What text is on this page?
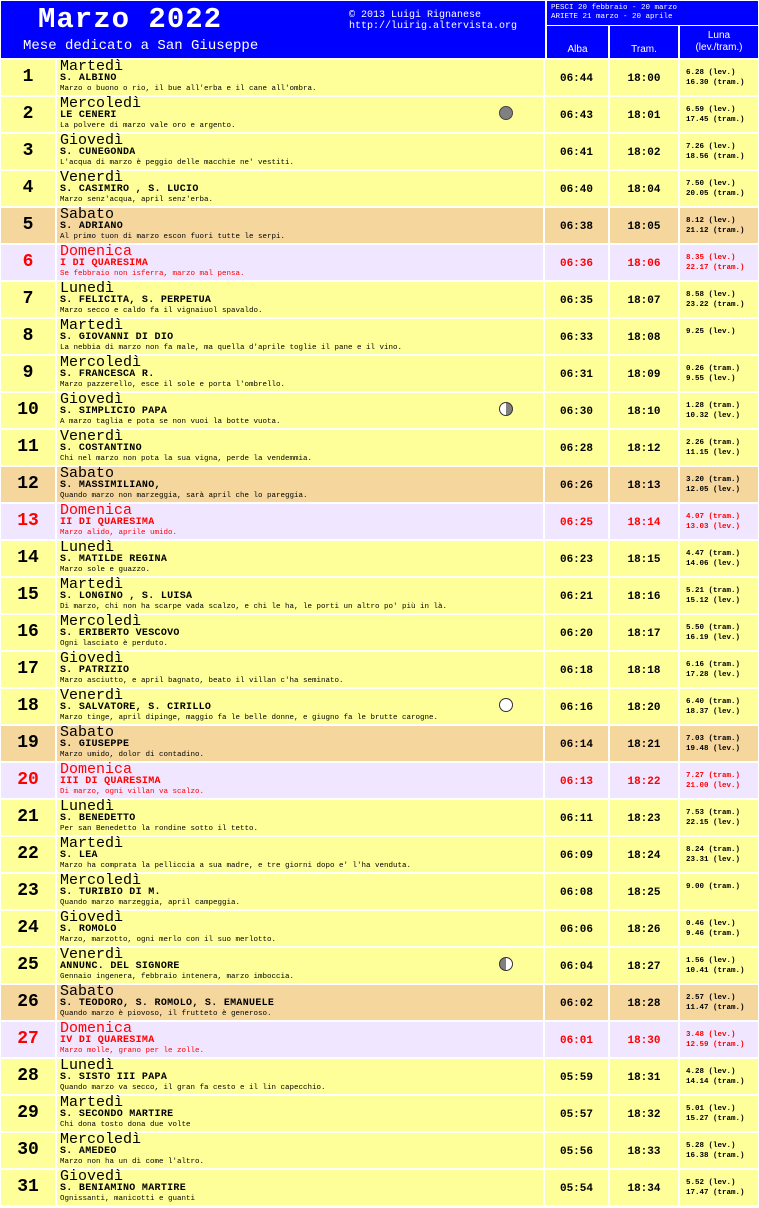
Marzo 2022
Mese dedicato a San Giuseppe
© 2013 Luigi Rignanese
http://luirig.altervista.org
PESCI 20 febbraio - 20 marzo
ARIETE 21 marzo - 20 aprile
Alba	Tram.
Luna
(lev./tram.)
1
Martedì
S. ALBINO
Marzo o buono o rio, il bue all'erba e il cane all'ombra.
06:44	18:00	6.28 (lev.)
16.30 (tram.)
2
Mercoledì
LE CENERI
La polvere di marzo vale oro e argento.
06:43	18:01	6.59 (lev.)
17.45 (tram.)
3
Giovedì
S. CUNEGONDA
L'acqua di marzo è peggio delle macchie ne' vestiti.
06:41	18:02	7.26 (lev.)
18.56 (tram.)
4
Venerdì
S. CASIMIRO , S. LUCIO
Marzo senz'acqua, april senz'erba.
06:40	18:04	7.50 (lev.)
20.05 (tram.)
5
Sabato
S. ADRIANO
Al primo tuon di marzo escon fuori tutte le serpi.
06:38	18:05	8.12 (lev.)
21.12 (tram.)
6
Domenica
I DI QUARESIMA
Se febbraio non isferra, marzo mal pensa.
06:36	18:06	8.35 (lev.)
22.17 (tram.)
7
Lunedì
S. FELICITA, S. PERPETUA
Marzo secco e caldo fa il vignaiuol spavaldo.
06:35	18:07	8.58 (lev.)
23.22 (tram.)
8
Martedì
S. GIOVANNI DI DIO
La nebbia di marzo non fa male, ma quella d'aprile toglie il pane e il vino.
06:33	18:08	9.25 (lev.)
9
Mercoledì
S. FRANCESCA R.
Marzo pazzerello, esce il sole e porta l'ombrello.
06:31	18:09	0.26 (tram.)
9.55 (lev.)
10
Giovedì
S. SIMPLICIO PAPA
A marzo taglia e pota se non vuoi la botte vuota.
06:30	18:10	1.28 (tram.)
10.32 (lev.)
11
Venerdì
S. COSTANTINO
Chi nel marzo non pota la sua vigna, perde la vendemmia.
06:28	18:12	2.26 (tram.)
11.15 (lev.)
12
Sabato
S. MASSIMILIANO,
Quando marzo non marzeggia, sarà april che lo pareggia.
06:26	18:13	3.20 (tram.)
12.05 (lev.)
13
Domenica
II DI QUARESIMA
Marzo alido, aprile umido.
06:25	18:14	4.07 (tram.)
13.03 (lev.)
14
Lunedì
S. MATILDE REGINA
Marzo sole e guazzo.
06:23	18:15	4.47 (tram.)
14.06 (lev.)
15
Martedì
S. LONGINO , S. LUISA
Di marzo, chi non ha scarpe vada scalzo, e chi le ha, le porti un altro po' più in là.
06:21	18:16	5.21 (tram.)
15.12 (lev.)
16
Mercoledì
S. ERIBERTO VESCOVO
Ogni lasciato è perduto.
06:20	18:17	5.50 (tram.)
16.19 (lev.)
17
Giovedì
S. PATRIZIO
Marzo asciutto, e april bagnato, beato il villan c'ha seminato.
06:18	18:18	6.16 (tram.)
17.28 (lev.)
18
Venerdì
S. SALVATORE, S. CIRILLO
Marzo tinge, april dipinge, maggio fa le belle donne, e giugno fa le brutte carogne.
06:16	18:20	6.40 (tram.)
18.37 (lev.)
19
Sabato
S. GIUSEPPE
Marzo umido, dolor di contadino.
06:14	18:21	7.03 (tram.)
19.48 (lev.)
20
Domenica
III DI QUARESIMA
Di marzo, ogni villan va scalzo.
06:13	18:22	7.27 (tram.)
21.00 (lev.)
21
Lunedì
S. BENEDETTO
Per san Benedetto la rondine sotto il tetto.
06:11	18:23	7.53 (tram.)
22.15 (lev.)
22
Martedì
S. LEA
Marzo ha comprata la pelliccia a sua madre, e tre giorni dopo e' l'ha venduta.
06:09	18:24	8.24 (tram.)
23.31 (lev.)
23
Mercoledì
S. TURIBIO DI M.
Quando marzo marzeggia, april campeggia.
06:08	18:25	9.00 (tram.)
24
Giovedì
S. ROMOLO
Marzo, marzotto, ogni merlo con il suo merlotto.
06:06	18:26	0.46 (lev.)
9.46 (tram.)
25
Venerdì
ANNUNC. DEL SIGNORE
Gennaio ingenera, febbraio intenera, marzo imboccia.
06:04	18:27	1.56 (lev.)
10.41 (tram.)
26
Sabato
S. TEODORO, S. ROMOLO, S. EMANUELE
Quando marzo è piovoso, il frutteto è generoso.
06:02	18:28	2.57 (lev.)
11.47 (tram.)
27
Domenica
IV DI QUARESIMA
Marzo molle, grano per le zolle.
06:01	18:30	3.48 (lev.)
12.59 (tram.)
28
Lunedì
S. SISTO III PAPA
Quando marzo va secco, il gran fa cesto e il lin capecchio.
05:59	18:31	4.28 (lev.)
14.14 (tram.)
29
Martedì
S. SECONDO MARTIRE
Chi dona tosto dona due volte
05:57	18:32	5.01 (lev.)
15.27 (tram.)
30
Mercoledì
S. AMEDEO
Marzo non ha un dì come l'altro.
05:56	18:33	5.28 (lev.)
16.38 (tram.)
31
Giovedì
S. BENIAMINO MARTIRE
Ognissanti, manicotti e guanti
05:54	18:34	5.52 (lev.)
17.47 (tram.)
